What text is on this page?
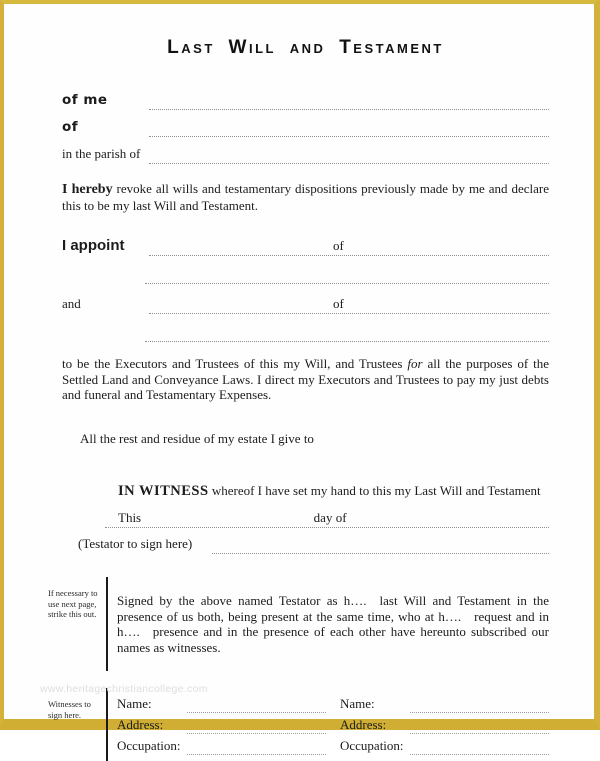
Last Will and Testament
of me
of
in the parish of

I hereby revoke all wills and testamentary dispositions previously made by me and declare this to be my last Will and Testament.

I appoint	of
and	of

to be the Executors and Trustees of this my Will, and Trustees for all the purposes of the Settled Land and Conveyance Laws. I direct my Executors and Trustees to pay my just debts and funeral and Testamentary Expenses.

All the rest and residue of my estate I give to

IN WITNESS whereof I have set my hand to this my Last Will and Testament
This	day of
(Testator to sign here)
If necessary to use next page, strike this out.

Signed by the above named Testator as h….  last Will and Testament in the presence of us both, being present at the same time, who at h….  request and in h….  presence and in the presence of each other have hereunto subscribed our names as witnesses.

Witnesses to sign here.
Name:
Address:
Occupation:
Name:
Address:
Occupation:
www.heritagechristiancollege.com
